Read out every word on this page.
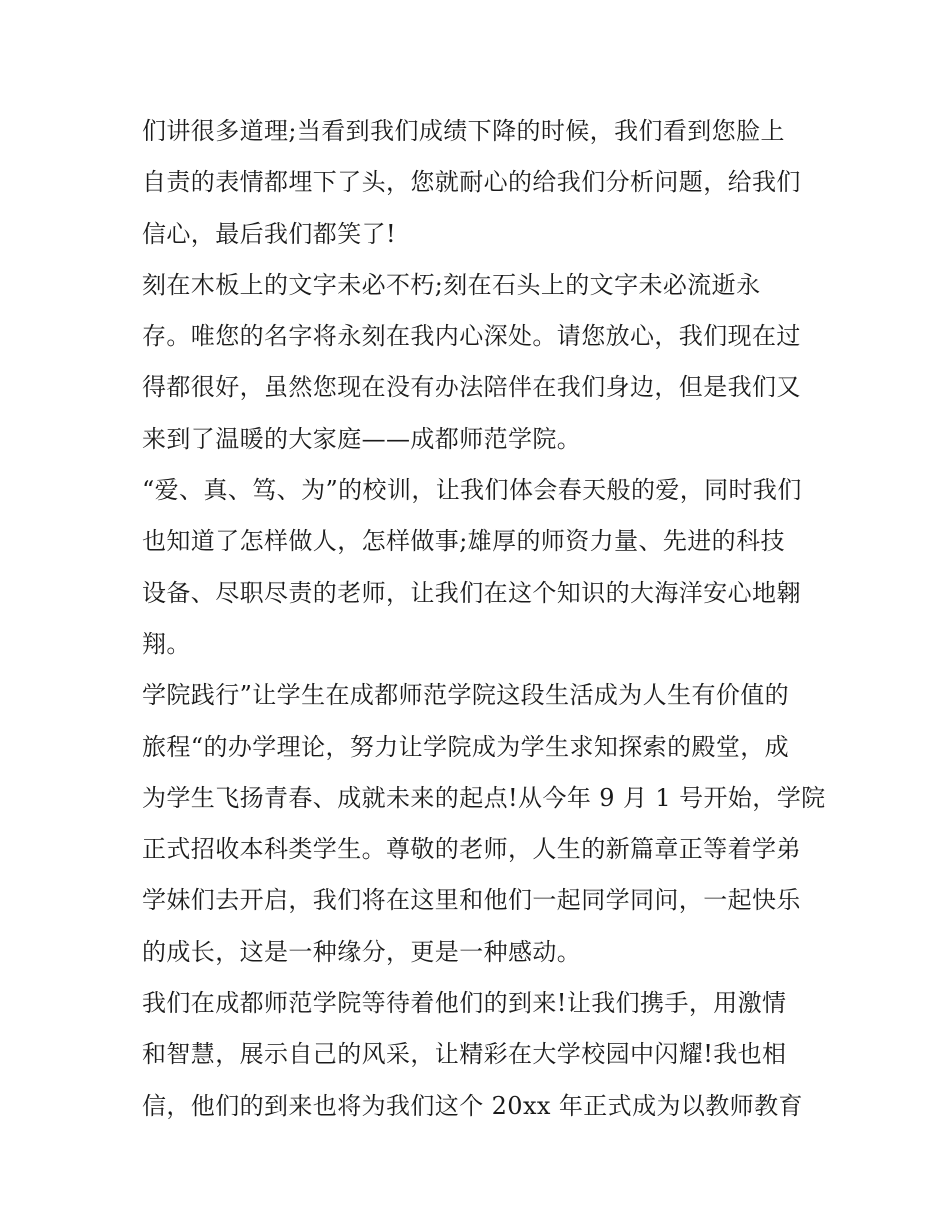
们讲很多道理;当看到我们成绩下降的时候，我们看到您脸上
自责的表情都埋下了头，您就耐心的给我们分析问题，给我们
信心，最后我们都笑了!
刻在木板上的文字未必不朽;刻在石头上的文字未必流逝永
存。唯您的名字将永刻在我内心深处。请您放心，我们现在过
得都很好，虽然您现在没有办法陪伴在我们身边，但是我们又
来到了温暖的大家庭——成都师范学院。
“爱、真、笃、为”的校训，让我们体会春天般的爱，同时我们
也知道了怎样做人，怎样做事;雄厚的师资力量、先进的科技
设备、尽职尽责的老师，让我们在这个知识的大海洋安心地翱
翔。
学院践行”让学生在成都师范学院这段生活成为人生有价值的
旅程“的办学理论，努力让学院成为学生求知探索的殿堂，成
为学生飞扬青春、成就未来的起点!从今年 9 月 1 号开始，学院
正式招收本科类学生。尊敬的老师，人生的新篇章正等着学弟
学妹们去开启，我们将在这里和他们一起同学同问，一起快乐
的成长，这是一种缘分，更是一种感动。
我们在成都师范学院等待着他们的到来!让我们携手，用激情
和智慧，展示自己的风采，让精彩在大学校园中闪耀!我也相
信，他们的到来也将为我们这个 20xx 年正式成为以教师教育
